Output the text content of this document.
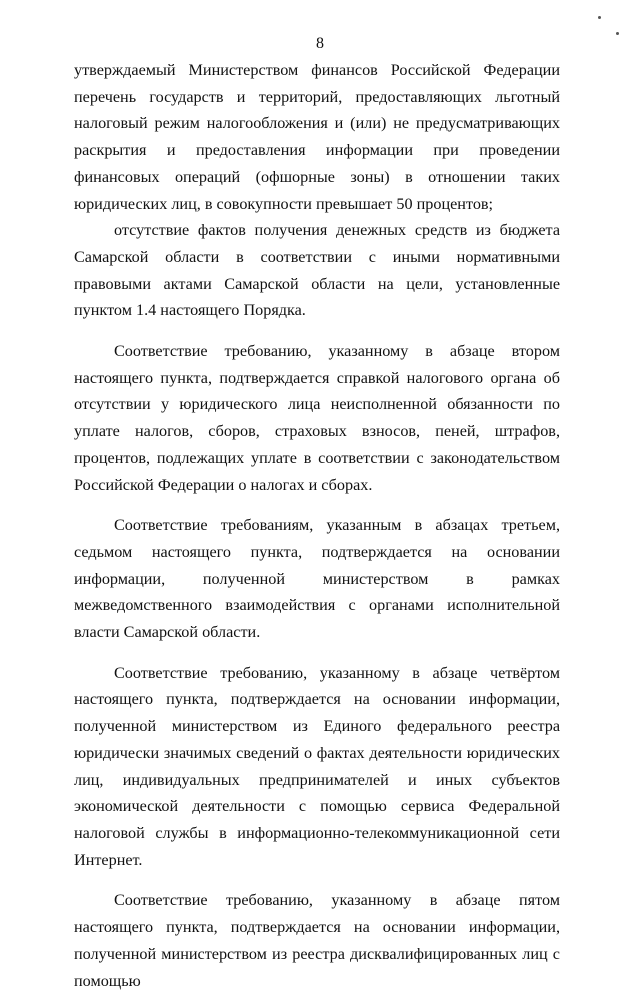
8

утверждаемый Министерством финансов Российской Федерации перечень государств и территорий, предоставляющих льготный налоговый режим налогообложения и (или) не предусматривающих раскрытия и предоставления информации при проведении финансовых операций (офшорные зоны) в отношении таких юридических лиц, в совокупности превышает 50 процентов;

отсутствие фактов получения денежных средств из бюджета Самарской области в соответствии с иными нормативными правовыми актами Самарской области на цели, установленные пунктом 1.4 настоящего Порядка.

Соответствие требованию, указанному в абзаце втором настоящего пункта, подтверждается справкой налогового органа об отсутствии у юридического лица неисполненной обязанности по уплате налогов, сборов, страховых взносов, пеней, штрафов, процентов, подлежащих уплате в соответствии с законодательством Российской Федерации о налогах и сборах.

Соответствие требованиям, указанным в абзацах третьем, седьмом настоящего пункта, подтверждается на основании информации, полученной министерством в рамках межведомственного взаимодействия с органами исполнительной власти Самарской области.

Соответствие требованию, указанному в абзаце четвёртом настоящего пункта, подтверждается на основании информации, полученной министерством из Единого федерального реестра юридически значимых сведений о фактах деятельности юридических лиц, индивидуальных предпринимателей и иных субъектов экономической деятельности с помощью сервиса Федеральной налоговой службы в информационно-телекоммуникационной сети Интернет.

Соответствие требованию, указанному в абзаце пятом настоящего пункта, подтверждается на основании информации, полученной министерством из реестра дисквалифицированных лиц с помощью
